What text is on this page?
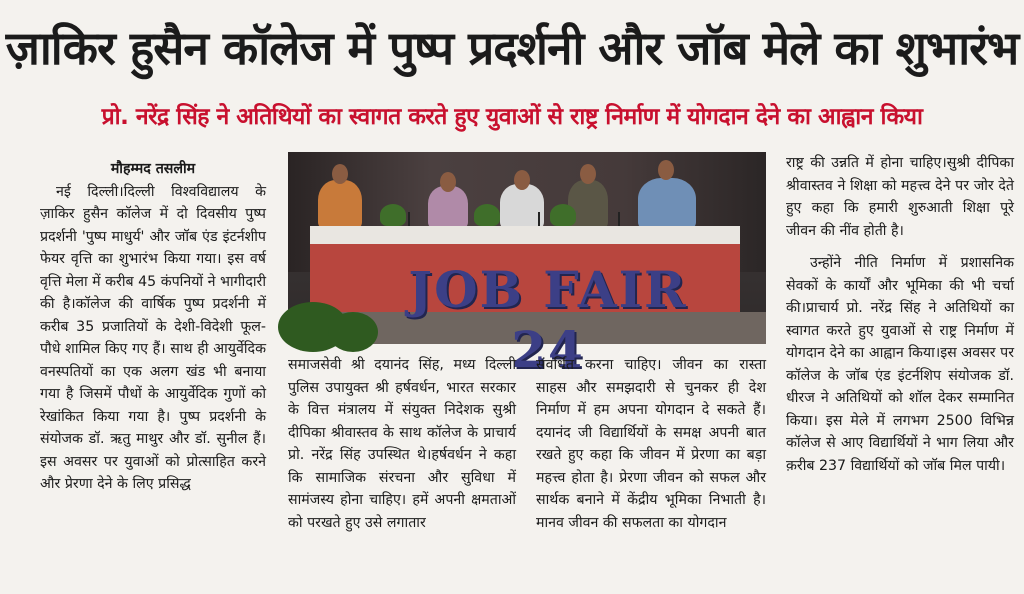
ज़ाकिर हुसैन कॉलेज में पुष्प प्रदर्शनी और जॉब मेले का शुभारंभ
प्रो. नरेंद्र सिंह ने अतिथियों का स्वागत करते हुए युवाओं से राष्ट्र निर्माण में योगदान देने का आह्वान किया

मौहम्मद तसलीम

नई दिल्ली।दिल्ली विश्वविद्यालय के ज़ाकिर हुसैन कॉलेज में दो दिवसीय पुष्प प्रदर्शनी 'पुष्प माधुर्य' और जॉब एंड इंटर्नशीप फेयर वृत्ति का शुभारंभ किया गया। इस वर्ष वृत्ति मेला में करीब 45 कंपनियों ने भागीदारी की है।कॉलेज की वार्षिक पुष्प प्रदर्शनी में करीब 35 प्रजातियों के देशी-विदेशी फूल-पौधे शामिल किए गए हैं। साथ ही आयुर्वेदिक वनस्पतियों का एक अलग खंड भी बनाया गया है जिसमें पौधों के आयुर्वेदिक गुणों को रेखांकित किया गया है। पुष्प प्रदर्शनी के संयोजक डॉ. ऋतु माथुर और डॉ. सुनील हैं।इस अवसर पर युवाओं को प्रोत्साहित करने और प्रेरणा देने के लिए प्रसिद्ध

JOB FAIR 24

समाजसेवी श्री दयानंद सिंह, मध्य दिल्ली पुलिस उपायुक्त श्री हर्षवर्धन, भारत सरकार के वित्त मंत्रालय में संयुक्त निदेशक सुश्री दीपिका श्रीवास्तव के साथ कॉलेज के प्राचार्य प्रो. नरेंद्र सिंह उपस्थित थे।हर्षवर्धन ने कहा कि सामाजिक संरचना और सुविधा में सामंजस्य होना चाहिए। हमें अपनी क्षमताओं को परखते हुए उसे लगातार

संवर्धित करना चाहिए। जीवन का रास्ता साहस और समझदारी से चुनकर ही देश निर्माण में हम अपना योगदान दे सकते हैं।दयानंद जी विद्यार्थियों के समक्ष अपनी बात रखते हुए कहा कि जीवन में प्रेरणा का बड़ा महत्त्व होता है। प्रेरणा जीवन को सफल और सार्थक बनाने में केंद्रीय भूमिका निभाती है। मानव जीवन की सफलता का योगदान

राष्ट्र की उन्नति में होना चाहिए।सुश्री दीपिका श्रीवास्तव ने शिक्षा को महत्त्व देने पर जोर देते हुए कहा कि हमारी शुरुआती शिक्षा पूरे जीवन की नींव होती है।

उन्होंने नीति निर्माण में प्रशासनिक सेवकों के कार्यों और भूमिका की भी चर्चा की।प्राचार्य प्रो. नरेंद्र सिंह ने अतिथियों का स्वागत करते हुए युवाओं से राष्ट्र निर्माण में योगदान देने का आह्वान किया।इस अवसर पर कॉलेज के जॉब एंड इंटर्नशिप संयोजक डॉ. धीरज ने अतिथियों को शॉल देकर सम्मानित किया। इस मेले में लगभग 2500 विभिन्न कॉलेज से आए विद्यार्थियों ने भाग लिया और क़रीब 237 विद्यार्थियों को जॉब मिल पायी।
